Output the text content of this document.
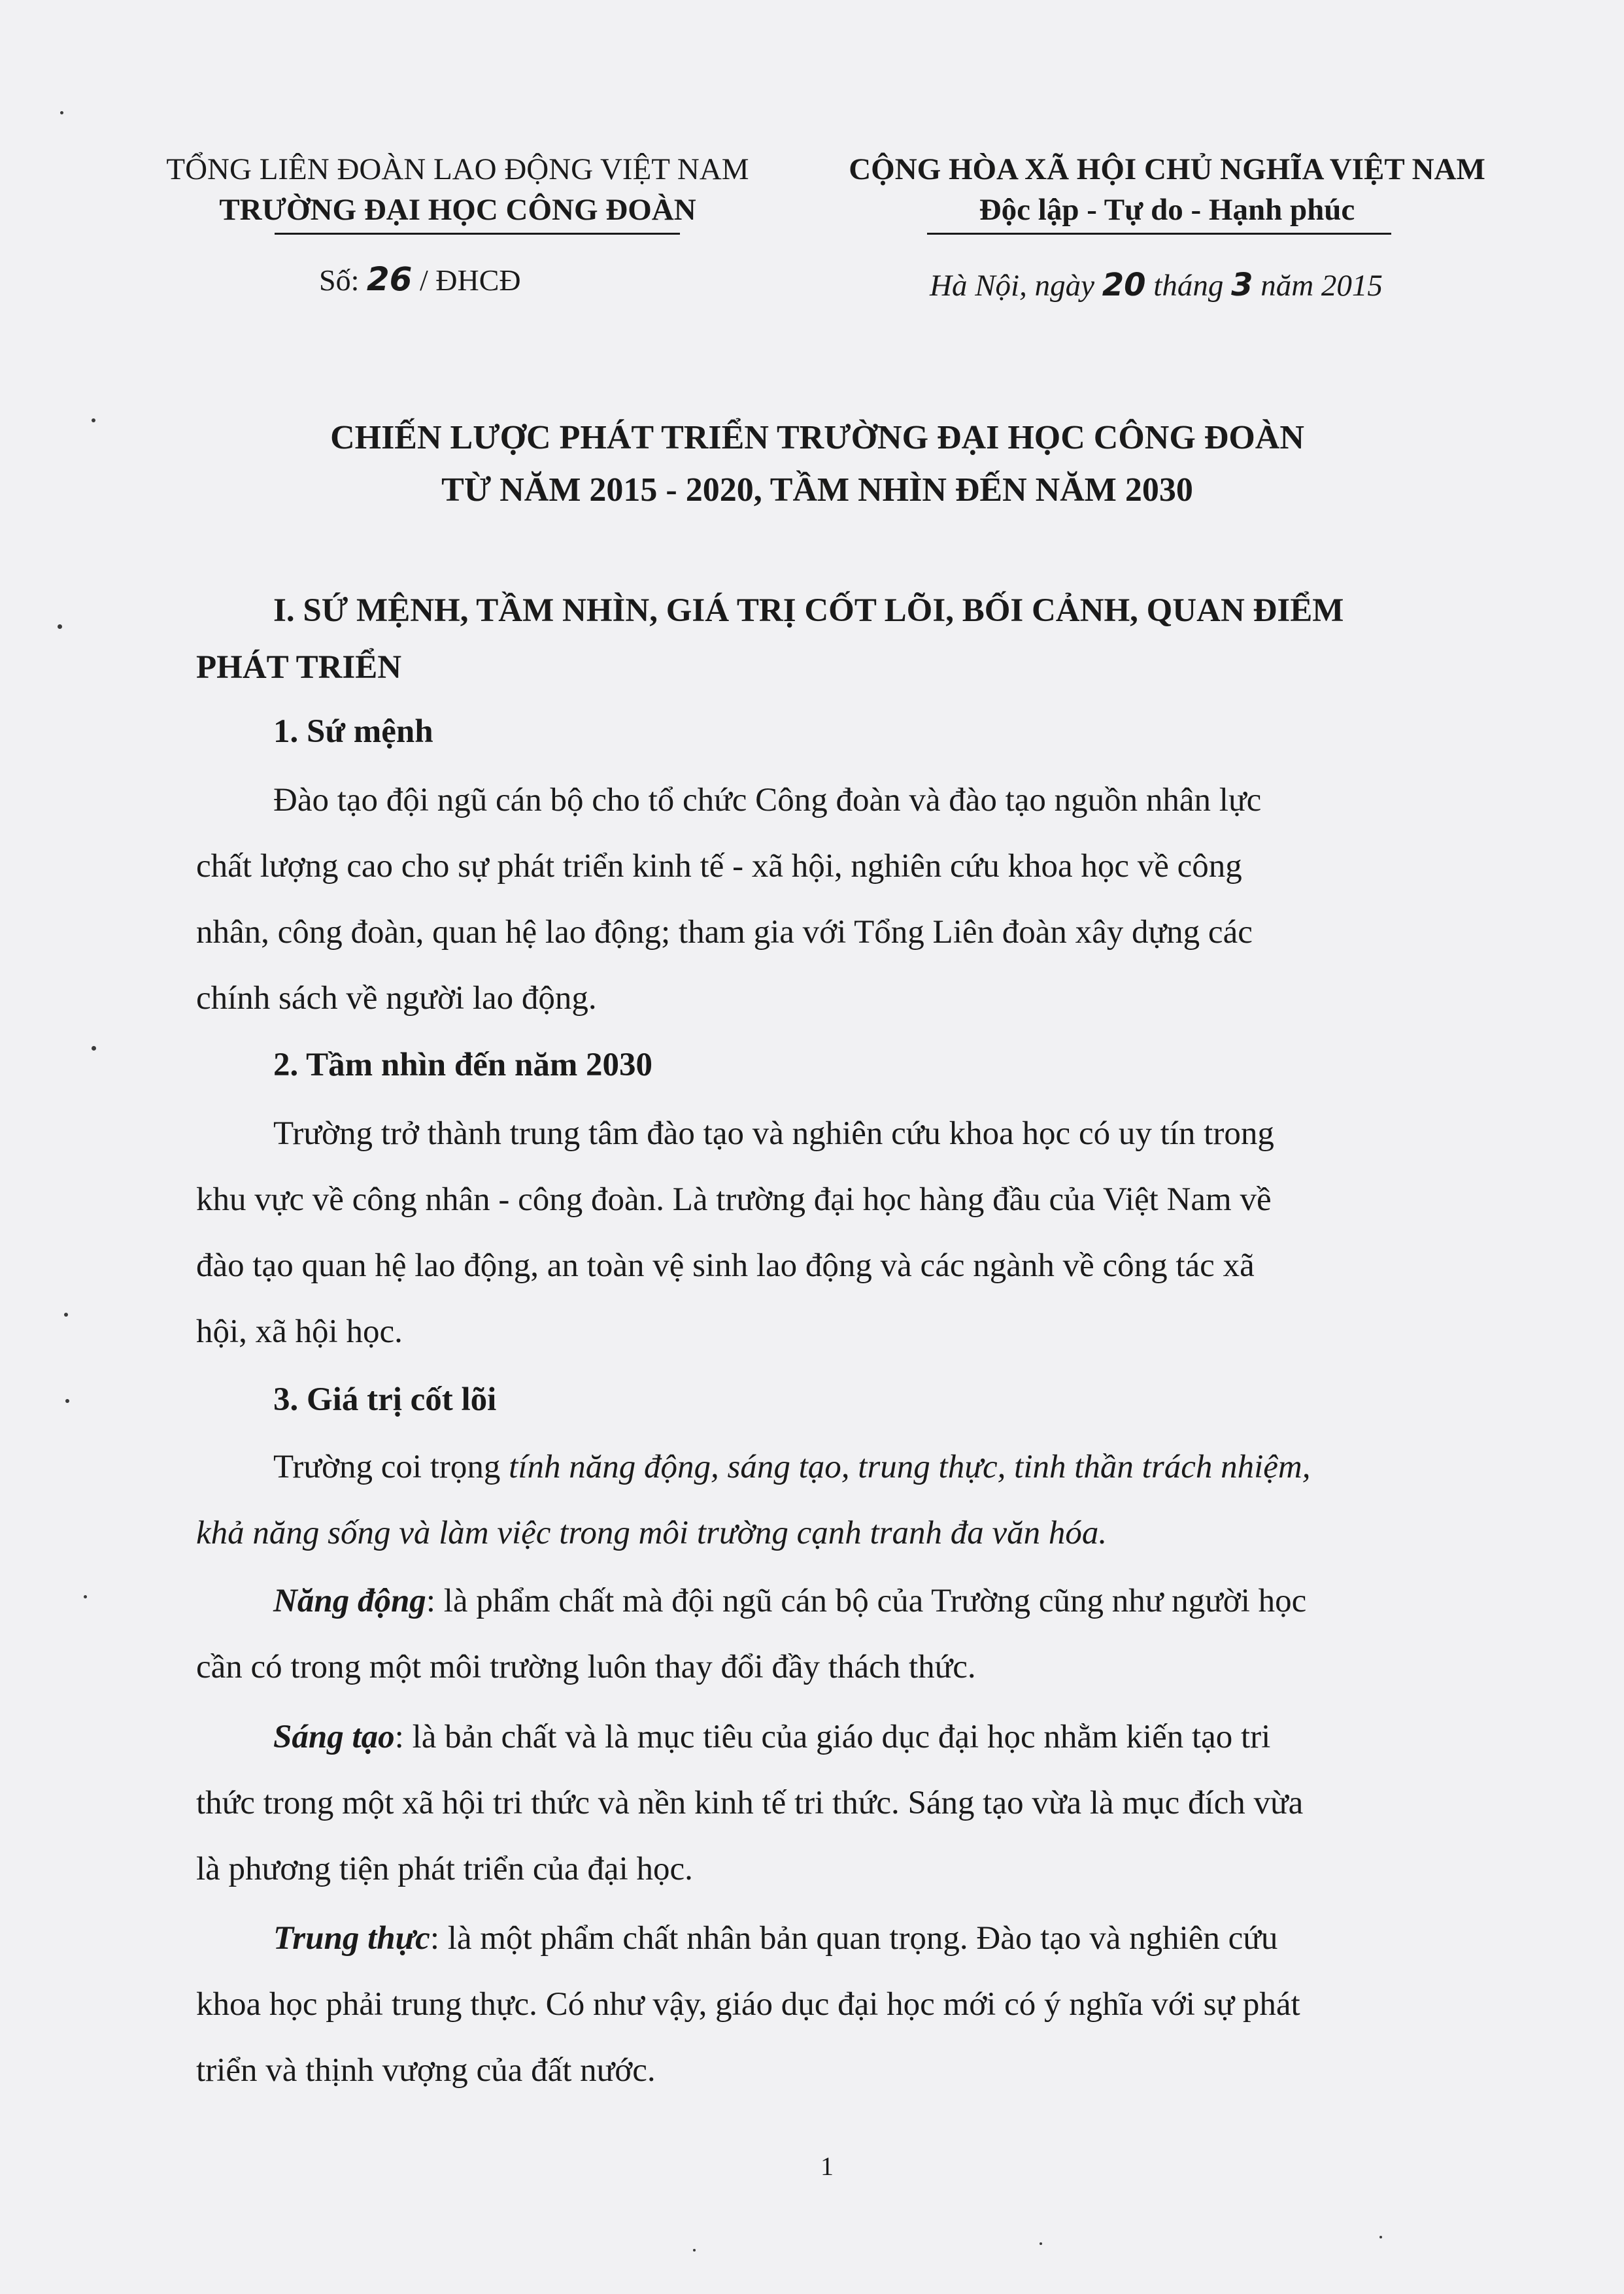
TỔNG LIÊN ĐOÀN LAO ĐỘNG VIỆT NAM
TRƯỜNG ĐẠI HỌC CÔNG ĐOÀN
CỘNG HÒA XÃ HỘI CHỦ NGHĨA VIỆT NAM
Độc lập - Tự do - Hạnh phúc
Số: 26 / ĐHCĐ	Hà Nội, ngày 20 tháng 3 năm 2015
CHIẾN LƯỢC PHÁT TRIỂN TRƯỜNG ĐẠI HỌC CÔNG ĐOÀN
TỪ NĂM 2015 - 2020, TẦM NHÌN ĐẾN NĂM 2030
I. SỨ MỆNH, TẦM NHÌN, GIÁ TRỊ CỐT LÕI, BỐI CẢNH, QUAN ĐIỂM
PHÁT TRIỂN
1. Sứ mệnh
Đào tạo đội ngũ cán bộ cho tổ chức Công đoàn và đào tạo nguồn nhân lực
chất lượng cao cho sự phát triển kinh tế - xã hội, nghiên cứu khoa học về công
nhân, công đoàn, quan hệ lao động; tham gia với Tổng Liên đoàn xây dựng các
chính sách về người lao động.
2. Tầm nhìn đến năm 2030
Trường trở thành trung tâm đào tạo và nghiên cứu khoa học có uy tín trong
khu vực về công nhân - công đoàn. Là trường đại học hàng đầu của Việt Nam về
đào tạo quan hệ lao động, an toàn vệ sinh lao động và các ngành về công tác xã
hội, xã hội học.
3. Giá trị cốt lõi
Trường coi trọng tính năng động, sáng tạo, trung thực, tinh thần trách nhiệm,
khả năng sống và làm việc trong môi trường cạnh tranh đa văn hóa.
Năng động: là phẩm chất mà đội ngũ cán bộ của Trường cũng như người học
cần có trong một môi trường luôn thay đổi đầy thách thức.
Sáng tạo: là bản chất và là mục tiêu của giáo dục đại học nhằm kiến tạo tri
thức trong một xã hội tri thức và nền kinh tế tri thức. Sáng tạo vừa là mục đích vừa
là phương tiện phát triển của đại học.
Trung thực: là một phẩm chất nhân bản quan trọng. Đào tạo và nghiên cứu
khoa học phải trung thực. Có như vậy, giáo dục đại học mới có ý nghĩa với sự phát
triển và thịnh vượng của đất nước.
1
